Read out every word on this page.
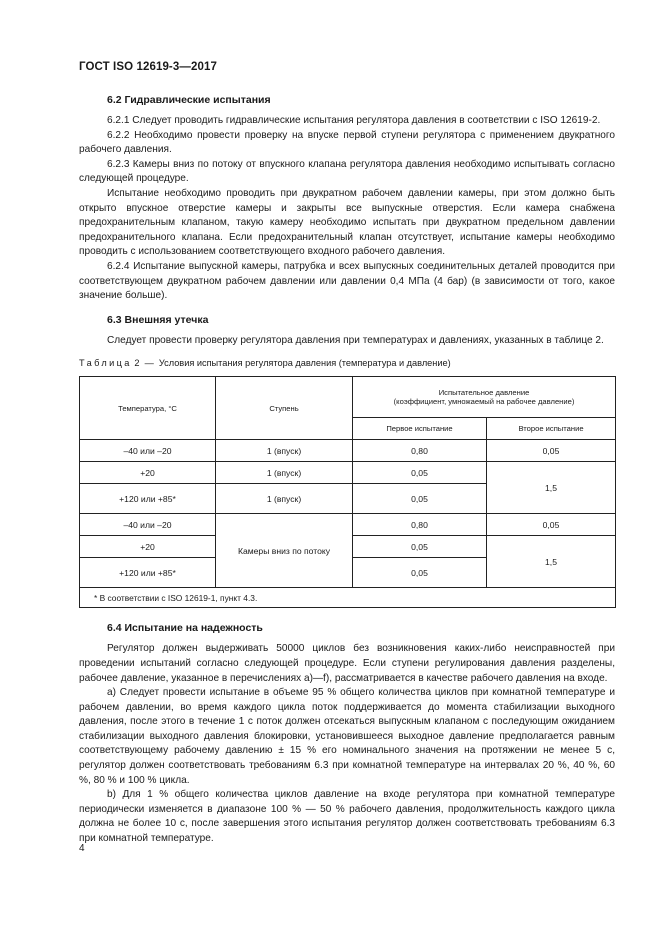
ГОСТ ISO 12619-3—2017

6.2 Гидравлические испытания

6.2.1 Следует проводить гидравлические испытания регулятора давления в соответствии с ISO 12619-2.

6.2.2 Необходимо провести проверку на впуске первой ступени регулятора с применением двукратного рабочего давления.

6.2.3 Камеры вниз по потоку от впускного клапана регулятора давления необходимо испытывать согласно следующей процедуре.

Испытание необходимо проводить при двукратном рабочем давлении камеры, при этом должно быть открыто впускное отверстие камеры и закрыты все выпускные отверстия. Если камера снабжена предохранительным клапаном, такую камеру необходимо испытать при двукратном предельном давлении предохранительного клапана. Если предохранительный клапан отсутствует, испытание камеры необходимо проводить с использованием соответствующего входного рабочего давления.

6.2.4 Испытание выпускной камеры, патрубка и всех выпускных соединительных деталей проводится при соответствующем двукратном рабочем давлении или давлении 0,4 МПа (4 бар) (в зависимости от того, какое значение больше).

6.3 Внешняя утечка

Следует провести проверку регулятора давления при температурах и давлениях, указанных в таблице 2.

Таблица 2 — Условия испытания регулятора давления (температура и давление)

Температура, °С	Ступень	Испытательное давление
(коэффициент, умножаемый на рабочее давление)	

		Первое испытание	Второе испытание
–40 или –20	1 (впуск)	0,80	0,05
+20	1 (впуск)	0,05	1,5
+120 или +85*	1 (впуск)	0,05	
–40 или –20	Камеры вниз по потоку	0,80	0,05
+20		0,05	1,5
+120 или +85*		0,05	
* В соответствии с ISO 12619-1, пункт 4.3.			

6.4 Испытание на надежность

Регулятор должен выдерживать 50000 циклов без возникновения каких-либо неисправностей при проведении испытаний согласно следующей процедуре. Если ступени регулирования давления разделены, рабочее давление, указанное в перечислениях а)—f), рассматривается в качестве рабочего давления на входе.

a) Следует провести испытание в объеме 95 % общего количества циклов при комнатной температуре и рабочем давлении, во время каждого цикла поток поддерживается до момента стабилизации выходного давления, после этого в течение 1 с поток должен отсекаться выпускным клапаном с последующим ожиданием стабилизации выходного давления блокировки, установившееся выходное давление предполагается равным соответствующему рабочему давлению ± 15 % его номинального значения на протяжении не менее 5 с, регулятор должен соответствовать требованиям 6.3 при комнатной температуре на интервалах 20 %, 40 %, 60 %, 80 % и 100 % цикла.

b) Для 1 % общего количества циклов давление на входе регулятора при комнатной температуре периодически изменяется в диапазоне 100 % — 50 % рабочего давления, продолжительность каждого цикла должна не более 10 с, после завершения этого испытания регулятор должен соответствовать требованиям 6.3 при комнатной температуре.

4
